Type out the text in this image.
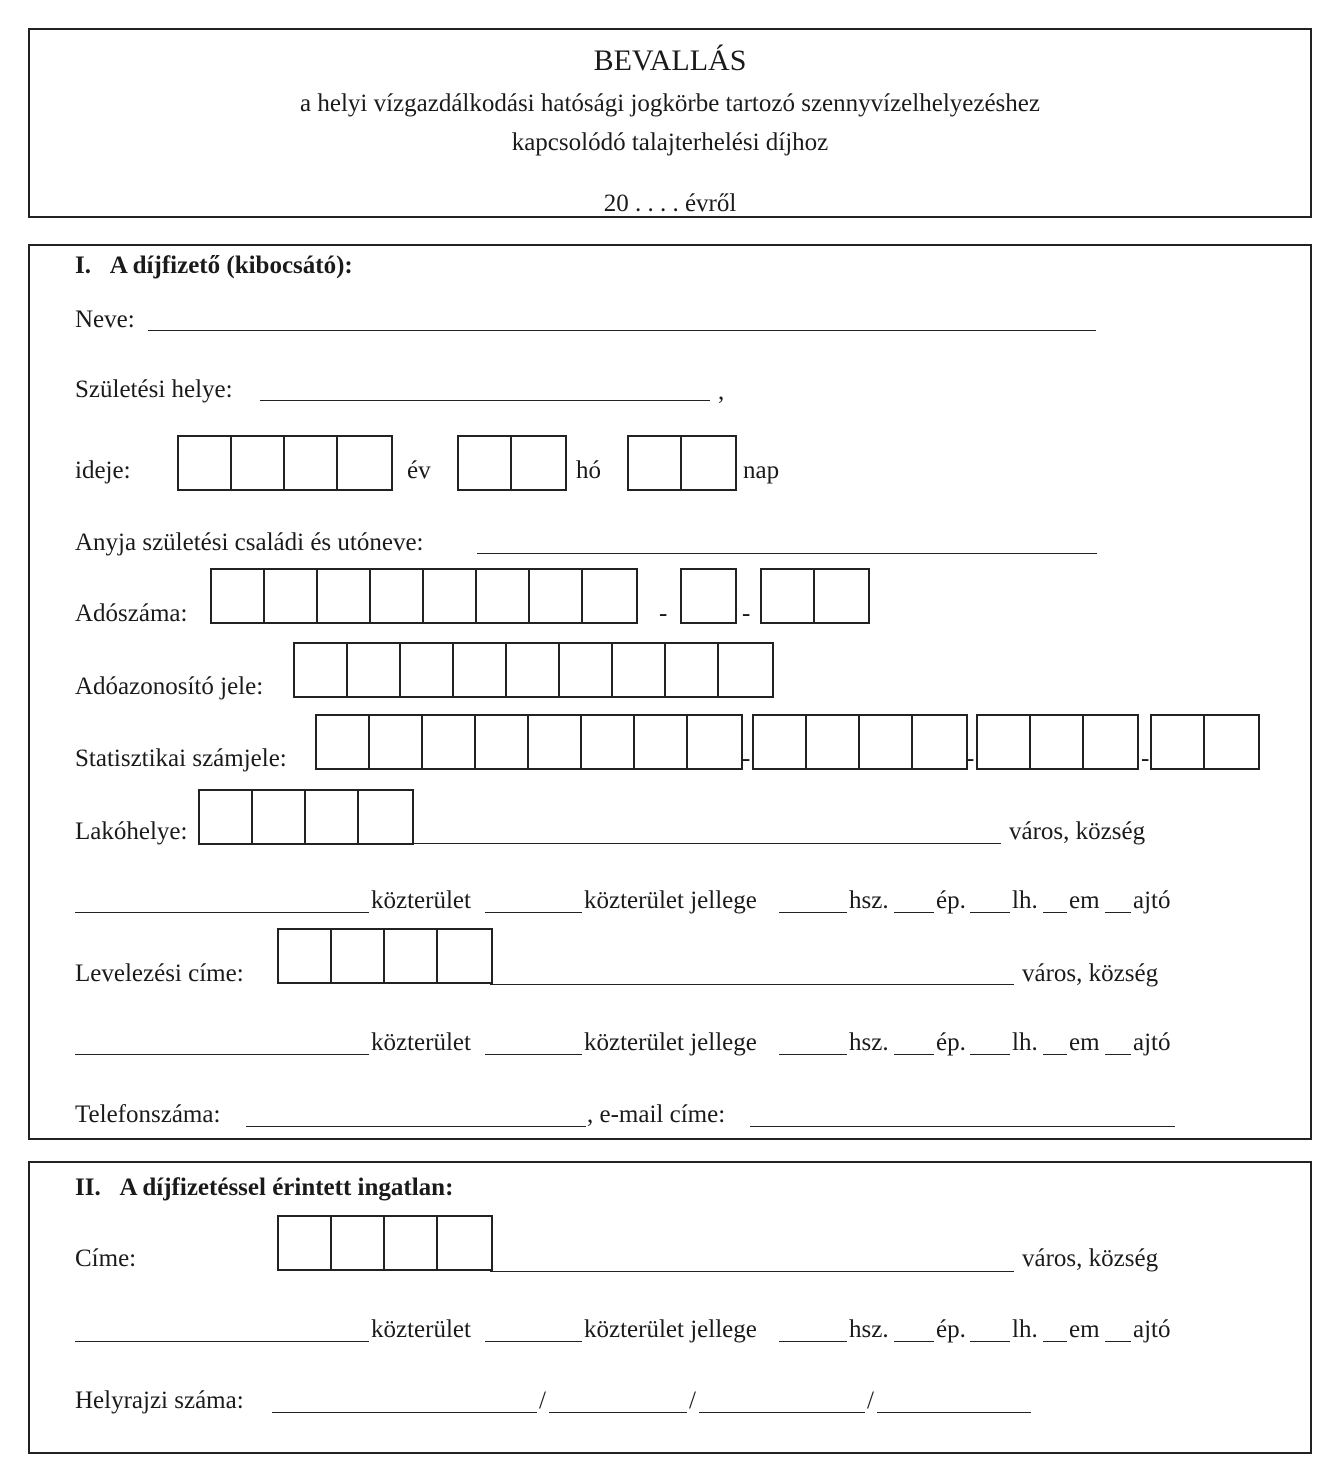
BEVALLÁS
a helyi vízgazdálkodási hatósági jogkörbe tartozó szennyvízelhelyezéshez
kapcsolódó talajterhelési díjhoz
20 . . . . évről
I.   A díjfizető (kibocsátó):
Neve:
Születési helye:	,
ideje:	év	hó	nap
Anyja születési családi és utóneve:
Adószáma:	-	-
Adóazonosító jele:
Statisztikai számjele:	-	-	-
Lakóhelye:	város, község
közterület	közterület jellege	hsz. ép. lh. em ajtó
Levelezési címe:	város, község
közterület	közterület jellege	hsz. ép. lh. em ajtó
Telefonszáma:	, e-mail címe:
II.   A díjfizetéssel érintett ingatlan:
Címe:	város, község
közterület	közterület jellege	hsz. ép. lh. em ajtó
Helyrajzi száma:	/	/	/
